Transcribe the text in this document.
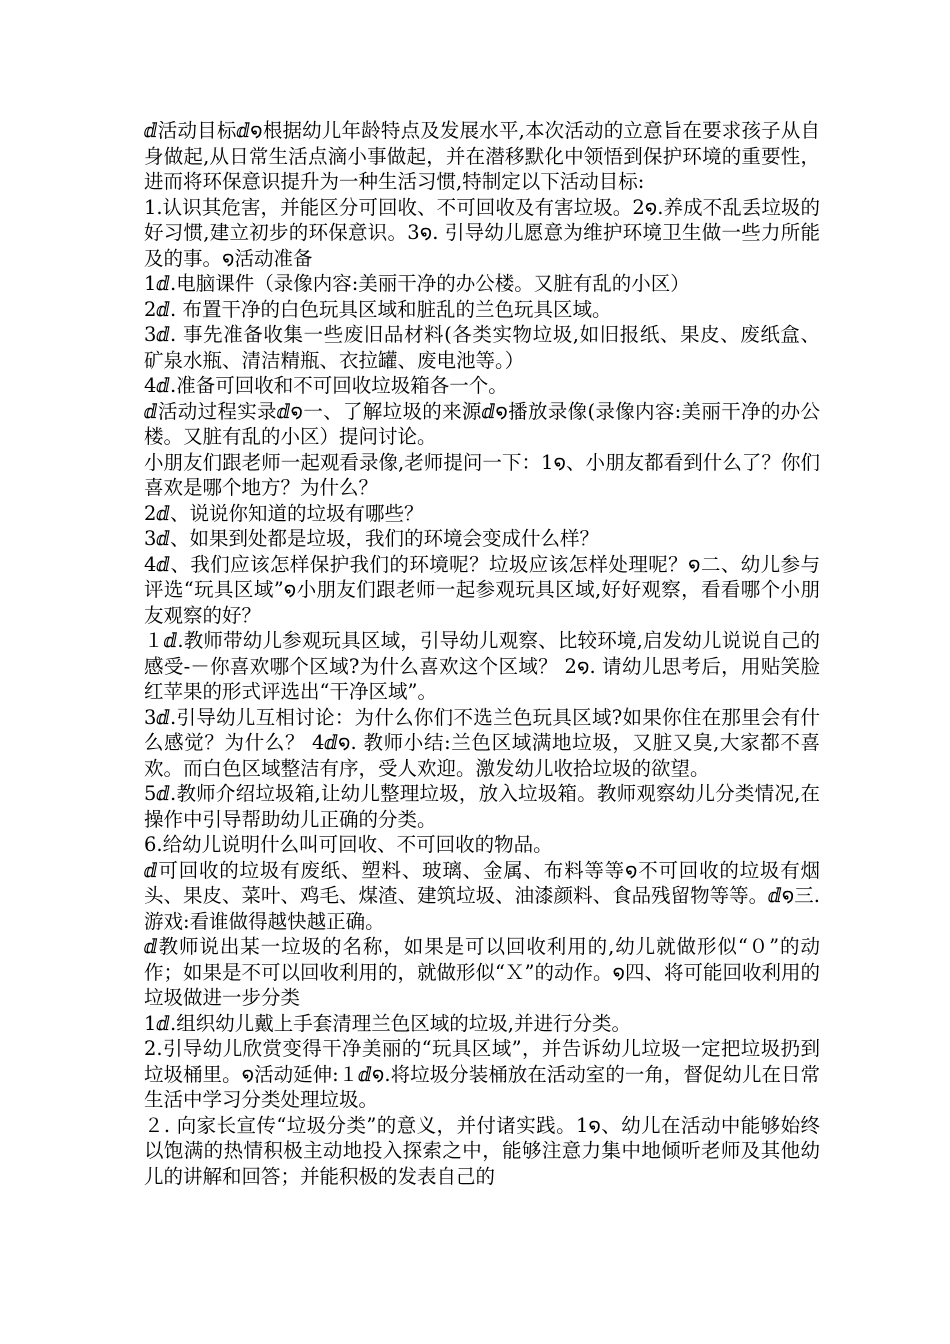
ⅆ活动目标ⅆ໑根据幼儿年龄特点及发展水平,本次活动的立意旨在要求孩子从自身做起,从日常生活点滴小事做起，并在潜移默化中领悟到保护环境的重要性，进而将环保意识提升为一种生活习惯,特制定以下活动目标:

1.认识其危害，并能区分可回收、不可回收及有害垃圾。2໑.养成不乱丢垃圾的好习惯,建立初步的环保意识。3໑. 引导幼儿愿意为维护环境卫生做一些力所能及的事。໑活动准备

1ⅆ.电脑课件（录像内容:美丽干净的办公楼。又脏有乱的小区）

2ⅆ. 布置干净的白色玩具区域和脏乱的兰色玩具区域。

3ⅆ. 事先准备收集一些废旧品材料(各类实物垃圾,如旧报纸、果皮、废纸盒、矿泉水瓶、清洁精瓶、衣拉罐、废电池等。）

4ⅆ.准备可回收和不可回收垃圾箱各一个。

ⅆ活动过程实录ⅆ໑一、了解垃圾的来源ⅆ໑播放录像(录像内容:美丽干净的办公楼。又脏有乱的小区）提问讨论。

小朋友们跟老师一起观看录像,老师提问一下：1໑、小朋友都看到什么了？你们喜欢是哪个地方？为什么？

2ⅆ、说说你知道的垃圾有哪些？

3ⅆ、如果到处都是垃圾，我们的环境会变成什么样？

4ⅆ、我们应该怎样保护我们的环境呢？垃圾应该怎样处理呢？໑二、幼儿参与评选“玩具区域”໑小朋友们跟老师一起参观玩具区域,好好观察，看看哪个小朋友观察的好？

１ⅆ.教师带幼儿参观玩具区域，引导幼儿观察、比较环境,启发幼儿说说自己的感受-－你喜欢哪个区域?为什么喜欢这个区域？ 2໑. 请幼儿思考后，用贴笑脸红苹果的形式评选出“干净区域”。

3ⅆ.引导幼儿互相讨论：为什么你们不选兰色玩具区域?如果你住在那里会有什么感觉？为什么？ 4ⅆ໑. 教师小结:兰色区域满地垃圾，又脏又臭,大家都不喜欢。而白色区域整洁有序，受人欢迎。激发幼儿收拾垃圾的欲望。

5ⅆ.教师介绍垃圾箱,让幼儿整理垃圾，放入垃圾箱。教师观察幼儿分类情况,在操作中引导帮助幼儿正确的分类。

6.给幼儿说明什么叫可回收、不可回收的物品。

ⅆ可回收的垃圾有废纸、塑料、玻璃、金属、布料等等໑不可回收的垃圾有烟头、果皮、菜叶、鸡毛、煤渣、建筑垃圾、油漆颜料、食品残留物等等。ⅆ໑三.游戏:看谁做得越快越正确。

ⅆ教师说出某一垃圾的名称，如果是可以回收利用的,幼儿就做形似“０”的动作；如果是不可以回收利用的，就做形似“Ｘ”的动作。໑四、将可能回收利用的垃圾做进一步分类

1ⅆ.组织幼儿戴上手套清理兰色区域的垃圾,并进行分类。

2.引导幼儿欣赏变得干净美丽的“玩具区域”，并告诉幼儿垃圾一定把垃圾扔到垃圾桶里。໑活动延伸:１ⅆ໑.将垃圾分装桶放在活动室的一角，督促幼儿在日常生活中学习分类处理垃圾。

２. 向家长宣传“垃圾分类”的意义，并付诸实践。1໑、幼儿在活动中能够始终以饱满的热情积极主动地投入探索之中，能够注意力集中地倾听老师及其他幼儿的讲解和回答；并能积极的发表自己的
